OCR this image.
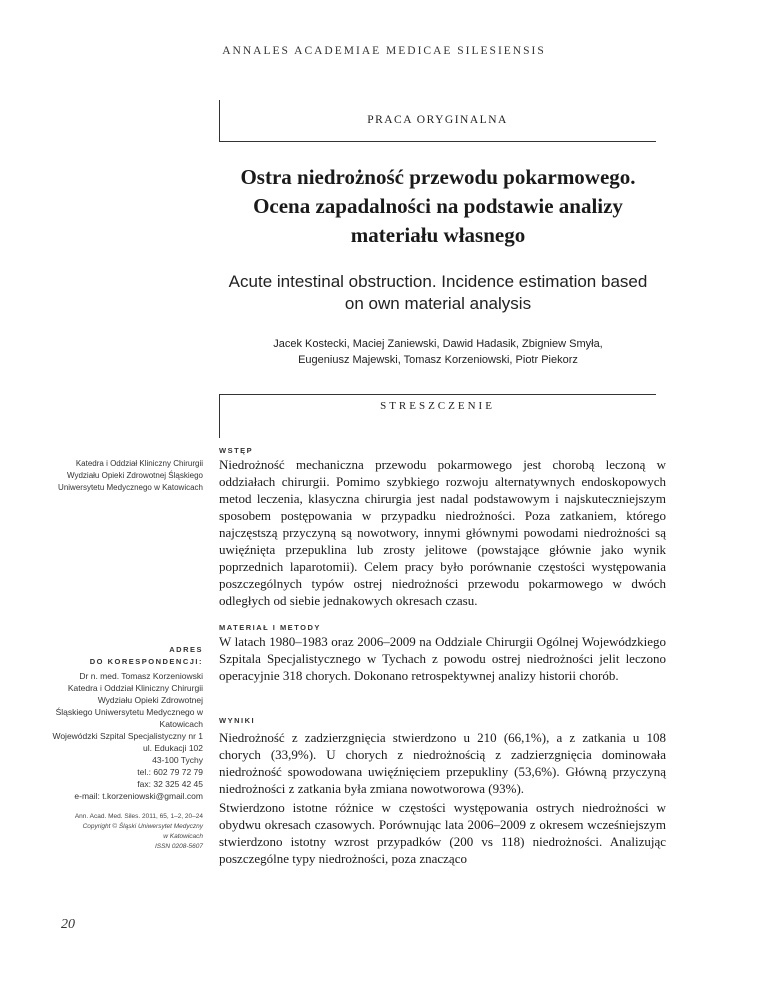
ANNALES ACADEMIAE MEDICAE SILESIENSIS
PRACA ORYGINALNA
Ostra niedrożność przewodu pokarmowego.
Ocena zapadalności na podstawie analizy
materiału własnego
Acute intestinal obstruction. Incidence estimation based
on own material analysis
Jacek Kostecki, Maciej Zaniewski, Dawid Hadasik, Zbigniew Smyła,
Eugeniusz Majewski, Tomasz Korzeniowski, Piotr Piekorz
STRESZCZENIE
WSTĘP

Niedrożność mechaniczna przewodu pokarmowego jest chorobą leczoną w oddziałach chirurgii. Pomimo szybkiego rozwoju alternatywnych endoskopowych metod leczenia, klasyczna chirurgia jest nadal podstawowym i najskuteczniejszym sposobem postępowania w przypadku niedrożności. Poza zatkaniem, którego najczęstszą przyczyną są nowotwory, innymi głównymi powodami niedrożności są uwięźnięta przepuklina lub zrosty jelitowe (powstające głównie jako wynik poprzednich laparotomii). Celem pracy było porównanie częstości występowania poszczególnych typów ostrej niedrożności przewodu pokarmowego w dwóch odległych od siebie jednakowych okresach czasu.

MATERIAŁ I METODY

W latach 1980–1983 oraz 2006–2009 na Oddziale Chirurgii Ogólnej Wojewódzkiego Szpitala Specjalistycznego w Tychach z powodu ostrej niedrożności jelit leczono operacyjnie 318 chorych. Dokonano retrospektywnej analizy historii chorób.

WYNIKI

Niedrożność z zadzierzgnięcia stwierdzono u 210 (66,1%), a z zatkania u 108 chorych (33,9%). U chorych z niedrożnością z zadzierzgnięcia dominowała niedrożność spowodowana uwięźnięciem przepukliny (53,6%). Główną przyczyną niedrożności z zatkania była zmiana nowotworowa (93%).

Stwierdzono istotne różnice w częstości występowania ostrych niedrożności w obydwu okresach czasowych. Porównując lata 2006–2009 z okresem wcześniejszym stwierdzono istotny wzrost przypadków (200 vs 118) niedrożności. Analizując poszczególne typy niedrożności, poza znacząco

Katedra i Oddział Kliniczny Chirurgii
Wydziału Opieki Zdrowotnej Śląskiego
Uniwersytetu Medycznego w Katowicach
ADRES
DO KORESPONDENCJI:
Dr n. med. Tomasz Korzeniowski
Katedra i Oddział Kliniczny Chirurgii
Wydziału Opieki Zdrowotnej
Śląskiego Uniwersytetu Medycznego w
Katowicach
Wojewódzki Szpital Specjalistyczny nr 1
ul. Edukacji 102
43-100 Tychy
tel.: 602 79 72 79
fax: 32 325 42 45
e-mail: t.korzeniowski@gmail.com
Ann. Acad. Med. Siles. 2011, 65, 1–2, 20–24
Copyright © Śląski Uniwersytet Medyczny
w Katowicach
ISSN 0208-5607
20
